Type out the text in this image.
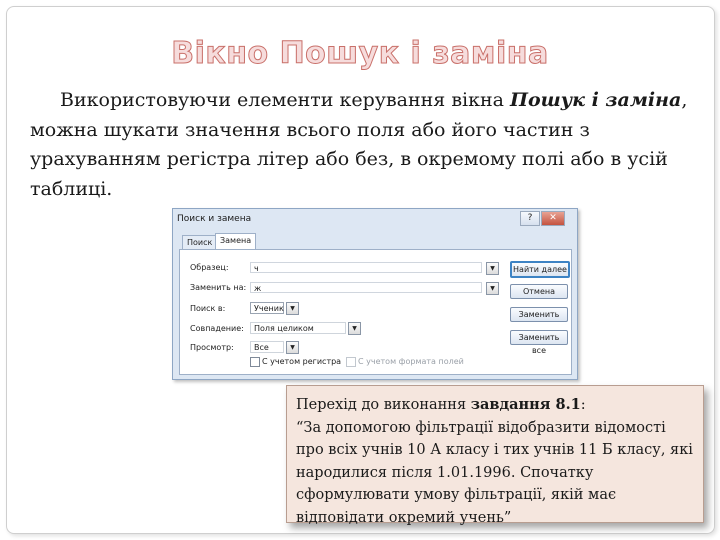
Вікно Пошук і заміна
Використовуючи елементи керування вікна Пошук і заміна, можна шукати значення всього поля або його частин з урахуванням регістра літер або без, в окремому полі або в усій таблиці.
Поиск и замена	?	✕
Поиск Замена
Образец:	ч	▼
Заменить на: ж	▼
Поиск в:	Ученик	▼
Совпадение:	Поля целиком	▼
Просмотр:	Все	▼
С учетом регистра С учетом формата полей
Найти далее
Отмена
Заменить
Заменить все
Перехід до виконання завдання 8.1:
“За допомогою фільтрації відобразити відомості про всіх учнів 10 А класу і тих учнів 11 Б класу, які народилися після 1.01.1996. Спочатку сформулювати умову фільтрації, якій має відповідати окремий учень”
